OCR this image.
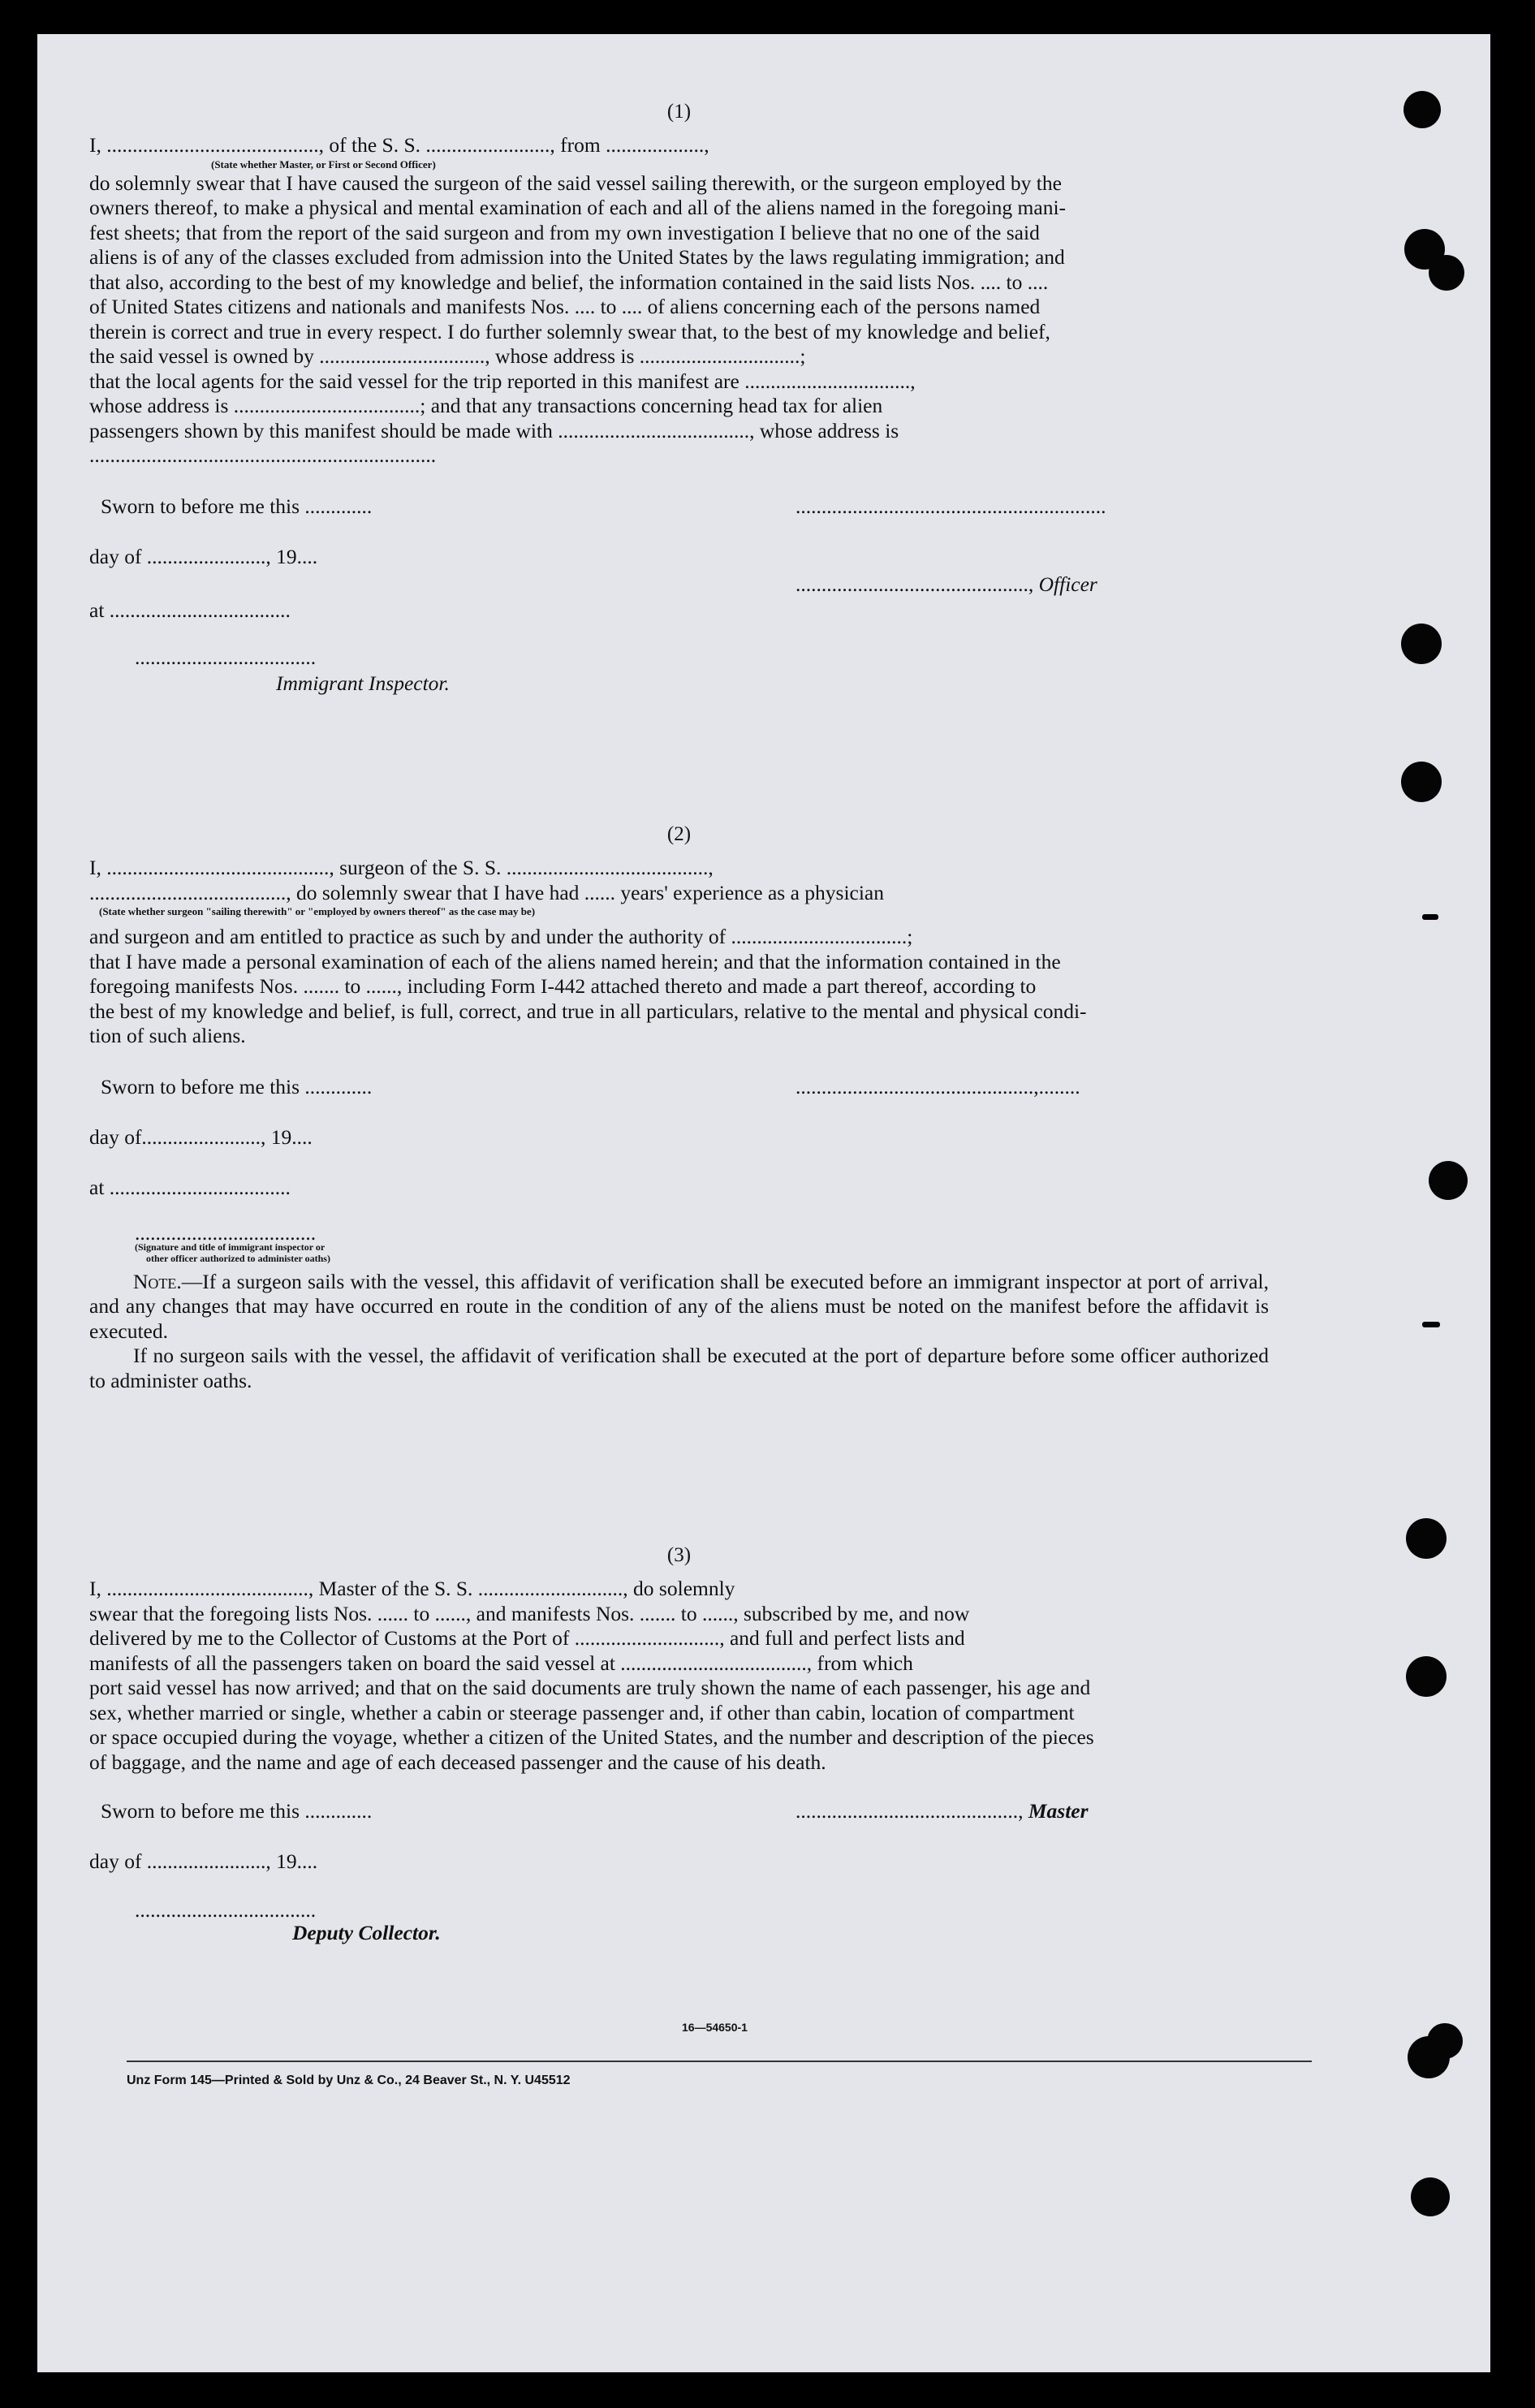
(1)
I, ........................................., of the S. S. ........................, from ...................,
(State whether Master, or First or Second Officer)
do solemnly swear that I have caused the surgeon of the said vessel sailing therewith, or the surgeon employed by the
owners thereof, to make a physical and mental examination of each and all of the aliens named in the foregoing mani-
fest sheets; that from the report of the said surgeon and from my own investigation I believe that no one of the said
aliens is of any of the classes excluded from admission into the United States by the laws regulating immigration; and
that also, according to the best of my knowledge and belief, the information contained in the said lists Nos. .... to ....
of United States citizens and nationals and manifests Nos. .... to .... of aliens concerning each of the persons named
therein is correct and true in every respect. I do further solemnly swear that, to the best of my knowledge and belief,
the said vessel is owned by ................................, whose address is ...............................;
that the local agents for the said vessel for the trip reported in this manifest are ................................,
whose address is ....................................; and that any transactions concerning head tax for alien
passengers shown by this manifest should be made with ....................................., whose address is
...................................................................
Sworn to before me this .............	............................................................
day of ......................., 19....
............................................., Officer
at ...................................
...................................
Immigrant Inspector.
(2)
I, ..........................................., surgeon of the S. S. .......................................,
......................................, do solemnly swear that I have had ...... years' experience as a physician
(State whether surgeon "sailing therewith" or "employed by owners thereof" as the case may be)
and surgeon and am entitled to practice as such by and under the authority of ..................................;
that I have made a personal examination of each of the aliens named herein; and that the information contained in the
foregoing manifests Nos. ....... to ......, including Form I-442 attached thereto and made a part thereof, according to
the best of my knowledge and belief, is full, correct, and true in all particulars, relative to the mental and physical condi-
tion of such aliens.
Sworn to before me this .............	..............................................,........
day of......................., 19....
at ...................................
...................................
(Signature and title of immigrant inspector or
other officer authorized to administer oaths)
Note.—If a surgeon sails with the vessel, this affidavit of verification shall be executed before an immigrant inspector at port of arrival, and any changes that may have occurred en route in the condition of any of the aliens must be noted on the manifest before the affidavit is executed.
If no surgeon sails with the vessel, the affidavit of verification shall be executed at the port of departure before some officer authorized to administer oaths.
(3)
I, ......................................., Master of the S. S. ............................, do solemnly
swear that the foregoing lists Nos. ...... to ......, and manifests Nos. ....... to ......, subscribed by me, and now
delivered by me to the Collector of Customs at the Port of ............................, and full and perfect lists and
manifests of all the passengers taken on board the said vessel at ...................................., from which
port said vessel has now arrived; and that on the said documents are truly shown the name of each passenger, his age and
sex, whether married or single, whether a cabin or steerage passenger and, if other than cabin, location of compartment
or space occupied during the voyage, whether a citizen of the United States, and the number and description of the pieces
of baggage, and the name and age of each deceased passenger and the cause of his death.
Sworn to before me this .............	..........................................., Master
day of ......................., 19....
...................................
Deputy Collector.
16—54650-1
Unz Form 145—Printed & Sold by Unz & Co., 24 Beaver St., N. Y. U45512
